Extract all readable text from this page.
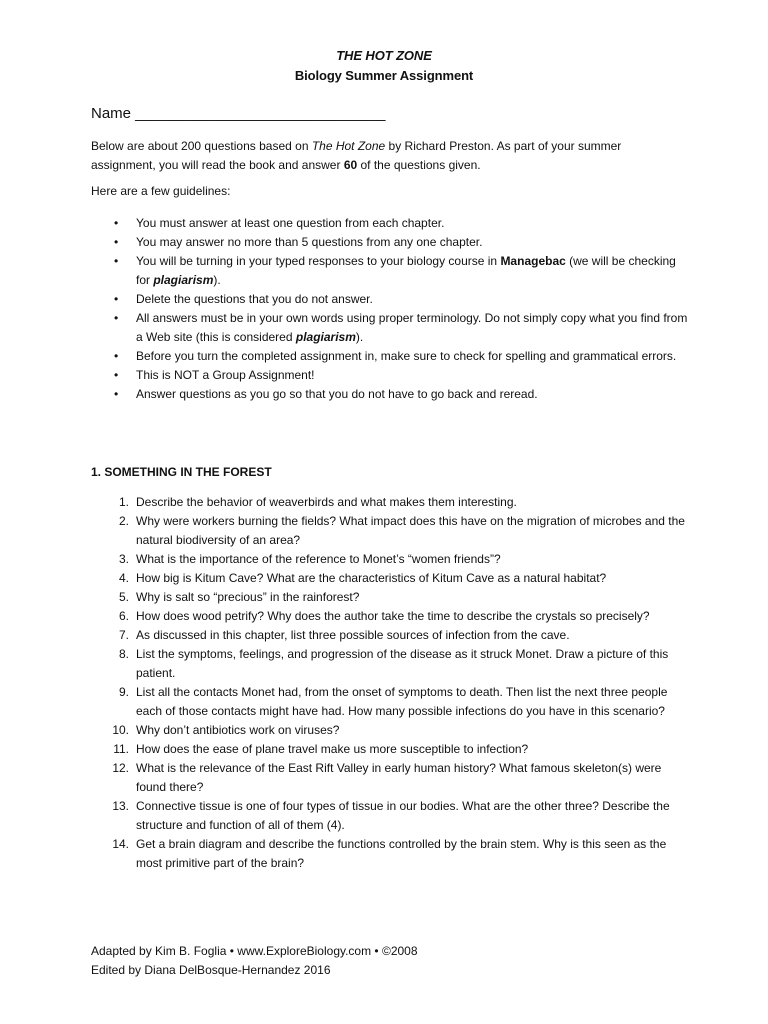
THE HOT ZONE
Biology Summer Assignment
Name ______________________________
Below are about 200 questions based on The Hot Zone by Richard Preston. As part of your summer assignment, you will read the book and answer 60 of the questions given.
Here are a few guidelines:
• You must answer at least one question from each chapter.
• You may answer no more than 5 questions from any one chapter.
• You will be turning in your typed responses to your biology course in Managebac (we will be checking for plagiarism).
• Delete the questions that you do not answer.
• All answers must be in your own words using proper terminology. Do not simply copy what you find from a Web site (this is considered plagiarism).
• Before you turn the completed assignment in, make sure to check for spelling and grammatical errors.
• This is NOT a Group Assignment!
• Answer questions as you go so that you do not have to go back and reread.
1. SOMETHING IN THE FOREST
1. Describe the behavior of weaverbirds and what makes them interesting.
2. Why were workers burning the fields? What impact does this have on the migration of microbes and the natural biodiversity of an area?
3. What is the importance of the reference to Monet’s “women friends”?
4. How big is Kitum Cave? What are the characteristics of Kitum Cave as a natural habitat?
5. Why is salt so “precious” in the rainforest?
6. How does wood petrify? Why does the author take the time to describe the crystals so precisely?
7. As discussed in this chapter, list three possible sources of infection from the cave.
8. List the symptoms, feelings, and progression of the disease as it struck Monet. Draw a picture of this patient.
9. List all the contacts Monet had, from the onset of symptoms to death. Then list the next three people each of those contacts might have had. How many possible infections do you have in this scenario?
10. Why don’t antibiotics work on viruses?
11. How does the ease of plane travel make us more susceptible to infection?
12. What is the relevance of the East Rift Valley in early human history? What famous skeleton(s) were found there?
13. Connective tissue is one of four types of tissue in our bodies. What are the other three? Describe the structure and function of all of them (4).
14. Get a brain diagram and describe the functions controlled by the brain stem. Why is this seen as the most primitive part of the brain?
Adapted by Kim B. Foglia • www.ExploreBiology.com • ©2008
Edited by Diana DelBosque-Hernandez 2016
